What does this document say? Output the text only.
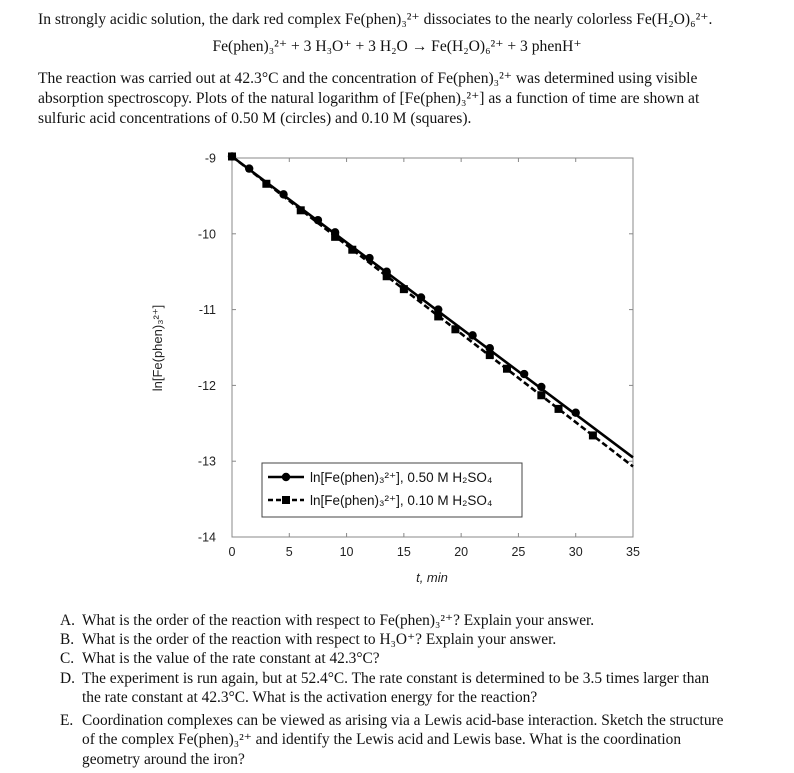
In strongly acidic solution, the dark red complex Fe(phen)₃²⁺ dissociates to the nearly colorless Fe(H₂O)₆²⁺.
Fe(phen)₃²⁺ + 3 H₃O⁺ + 3 H₂O → Fe(H₂O)₆²⁺ + 3 phenH⁺
The reaction was carried out at 42.3°C and the concentration of Fe(phen)₃²⁺ was determined using visible
absorption spectroscopy. Plots of the natural logarithm of [Fe(phen)₃²⁺] as a function of time are shown at
sulfuric acid concentrations of 0.50 M (circles) and 0.10 M (squares).
0	5	10	15	20	25	30	35
-9
-10
-11
-12
-13
-14
t, min
ln[Fe(phen)₃²⁺]
ln[Fe(phen)₃²⁺], 0.50 M H₂SO₄
ln[Fe(phen)₃²⁺], 0.10 M H₂SO₄
A. What is the order of the reaction with respect to Fe(phen)₃²⁺? Explain your answer.
B. What is the order of the reaction with respect to H₃O⁺? Explain your answer.
C. What is the value of the rate constant at 42.3°C?
D. The experiment is run again, but at 52.4°C. The rate constant is determined to be 3.5 times larger than
the rate constant at 42.3°C. What is the activation energy for the reaction?
E. Coordination complexes can be viewed as arising via a Lewis acid-base interaction. Sketch the structure
of the complex Fe(phen)₃²⁺ and identify the Lewis acid and Lewis base. What is the coordination
geometry around the iron?
